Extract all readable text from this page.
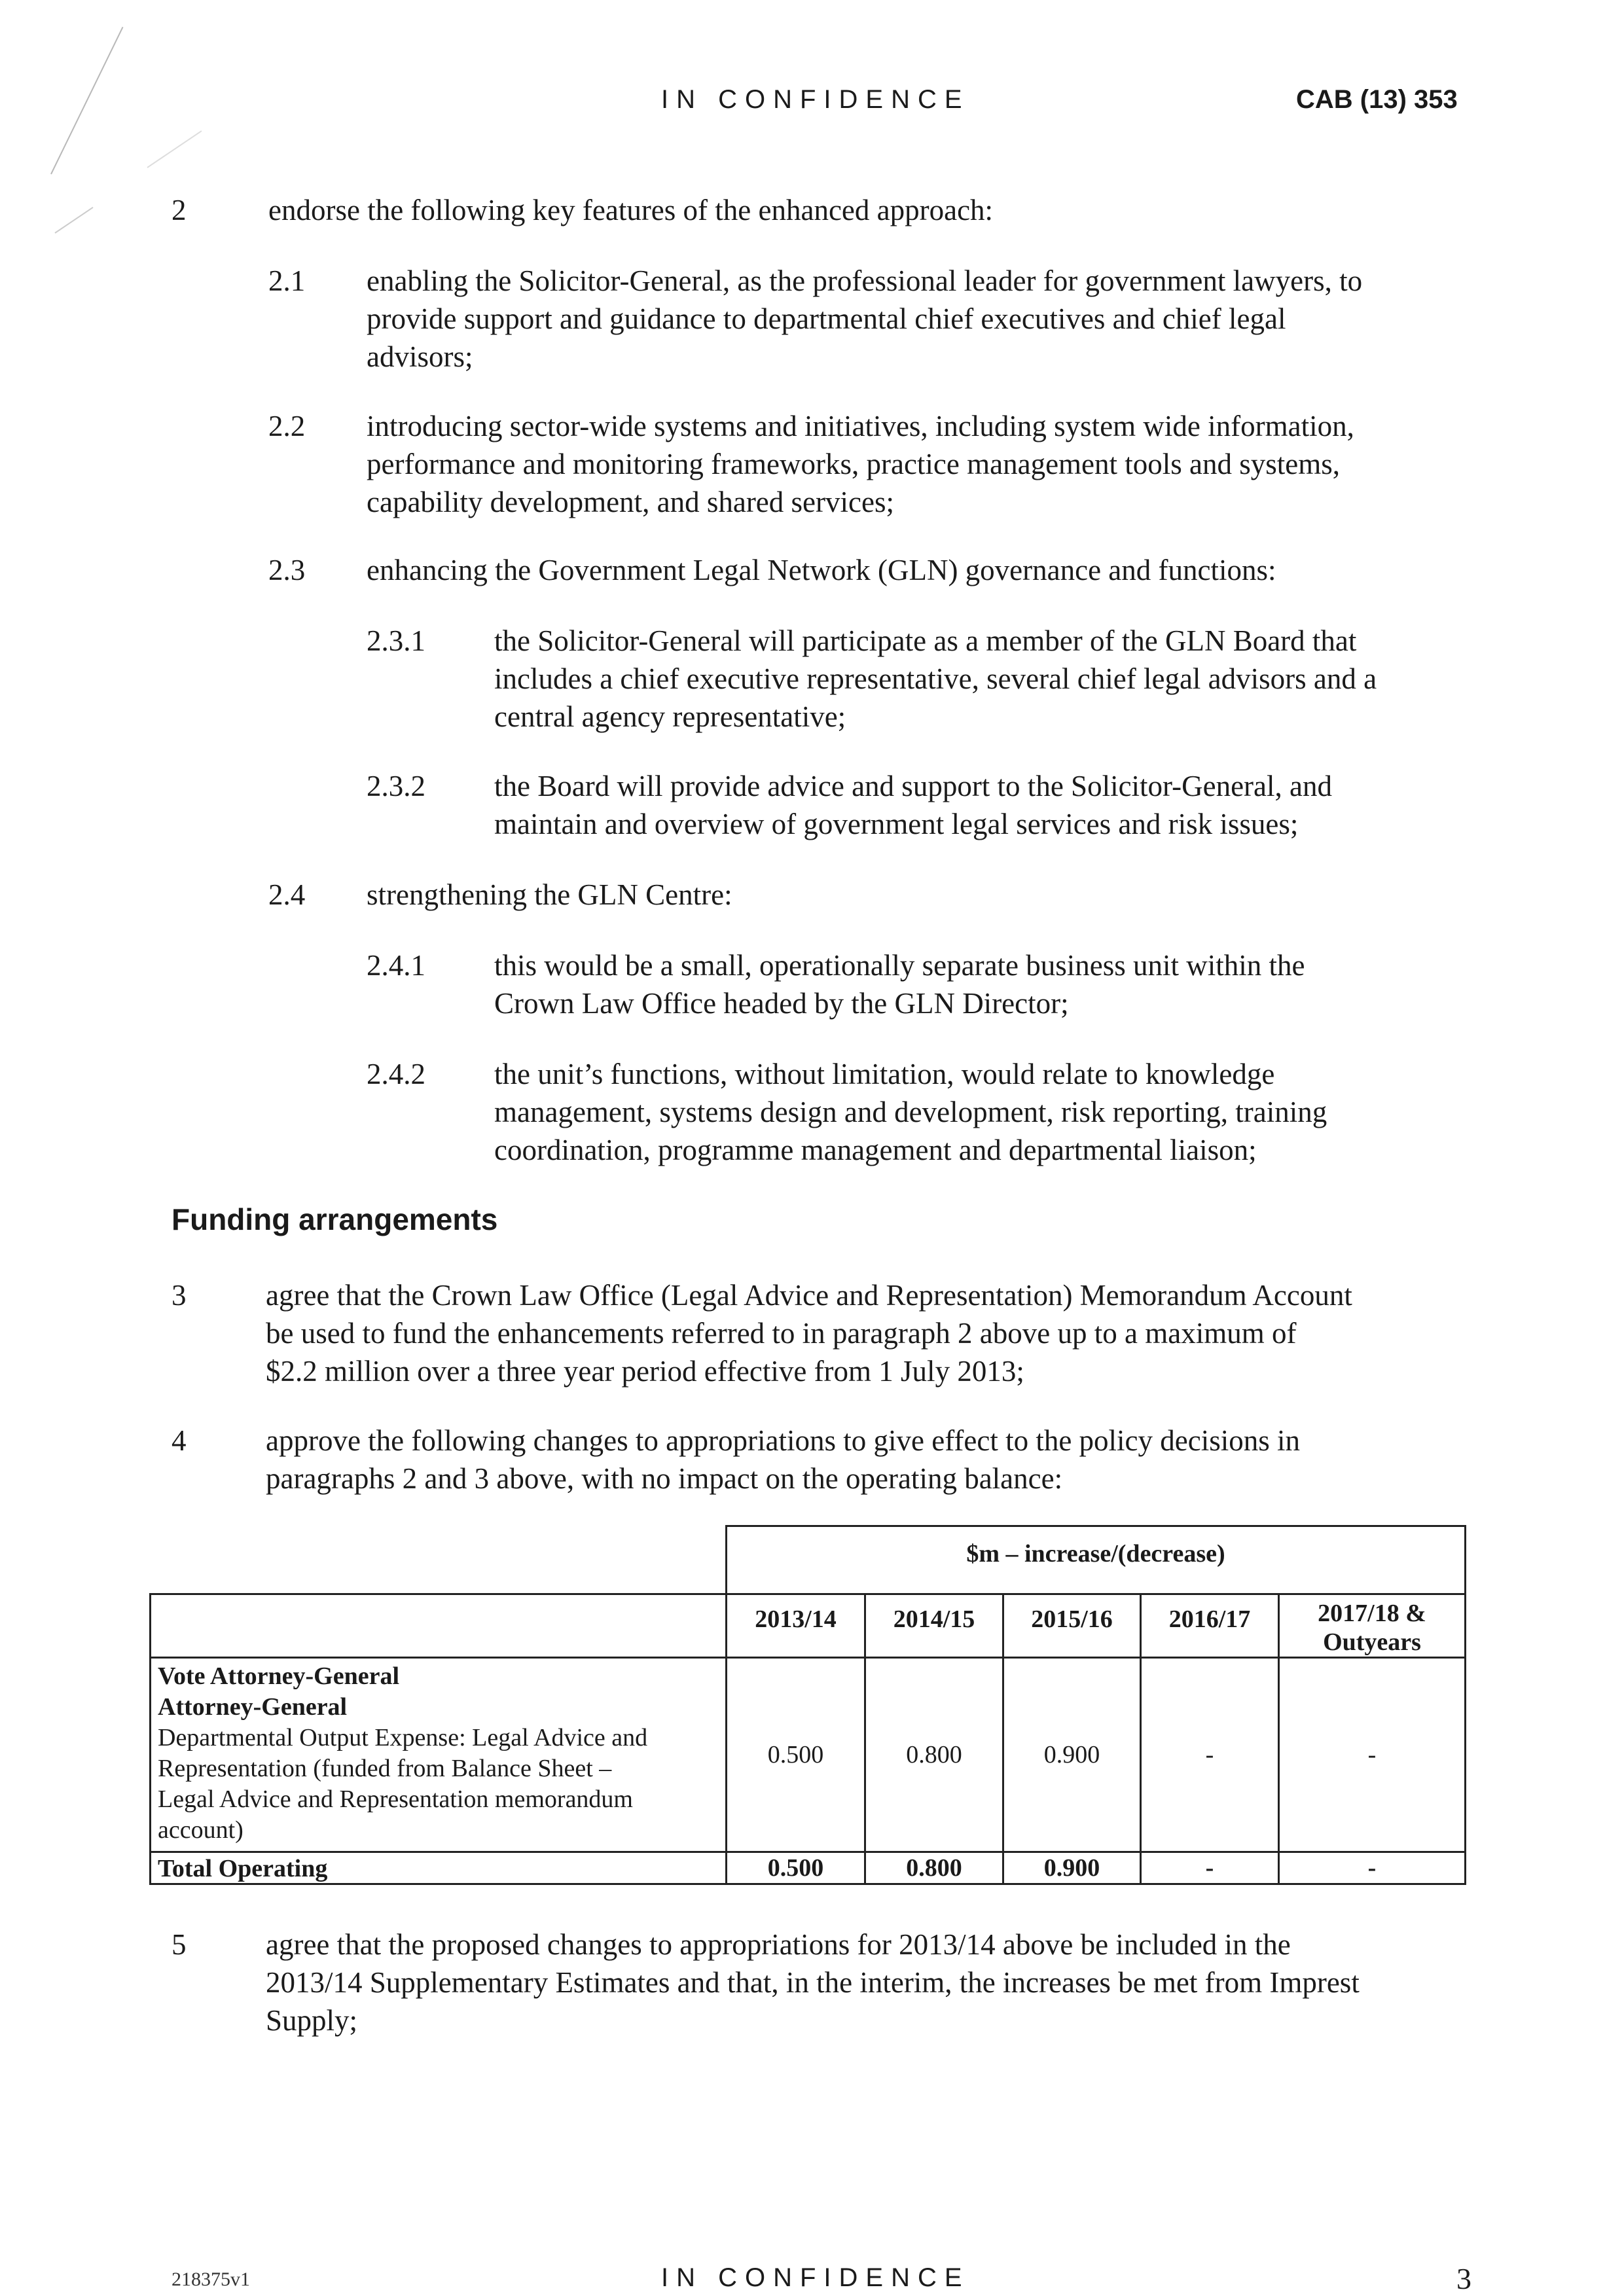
IN CONFIDENCE	CAB (13) 353
2	endorse the following key features of the enhanced approach:
2.1 enabling the Solicitor-General, as the professional leader for government lawyers, to
provide support and guidance to departmental chief executives and chief legal
advisors;
2.2 introducing sector-wide systems and initiatives, including system wide information,
performance and monitoring frameworks, practice management tools and systems,
capability development, and shared services;
2.3 enhancing the Government Legal Network (GLN) governance and functions:
2.3.1 the Solicitor-General will participate as a member of the GLN Board that
includes a chief executive representative, several chief legal advisors and a
central agency representative;
2.3.2 the Board will provide advice and support to the Solicitor-General, and
maintain and overview of government legal services and risk issues;
2.4 strengthening the GLN Centre:
2.4.1 this would be a small, operationally separate business unit within the
Crown Law Office headed by the GLN Director;
2.4.2 the unit’s functions, without limitation, would relate to knowledge
management, systems design and development, risk reporting, training
coordination, programme management and departmental liaison;
Funding arrangements
3	agree that the Crown Law Office (Legal Advice and Representation) Memorandum Account
be used to fund the enhancements referred to in paragraph 2 above up to a maximum of
$2.2 million over a three year period effective from 1 July 2013;
4	approve the following changes to appropriations to give effect to the policy decisions in
paragraphs 2 and 3 above, with no impact on the operating balance:
$m – increase/(decrease)
2013/14	2014/15	2015/16	2016/17	2017/18 &
Outyears
Vote Attorney-General
Attorney-General
Departmental Output Expense: Legal Advice and
Representation (funded from Balance Sheet –
Legal Advice and Representation memorandum
account)
0.500	0.800	0.900	-	-
Total Operating	0.500	0.800	0.900	-	-
5	agree that the proposed changes to appropriations for 2013/14 above be included in the
2013/14 Supplementary Estimates and that, in the interim, the increases be met from Imprest
Supply;
218375v1	IN CONFIDENCE	3
